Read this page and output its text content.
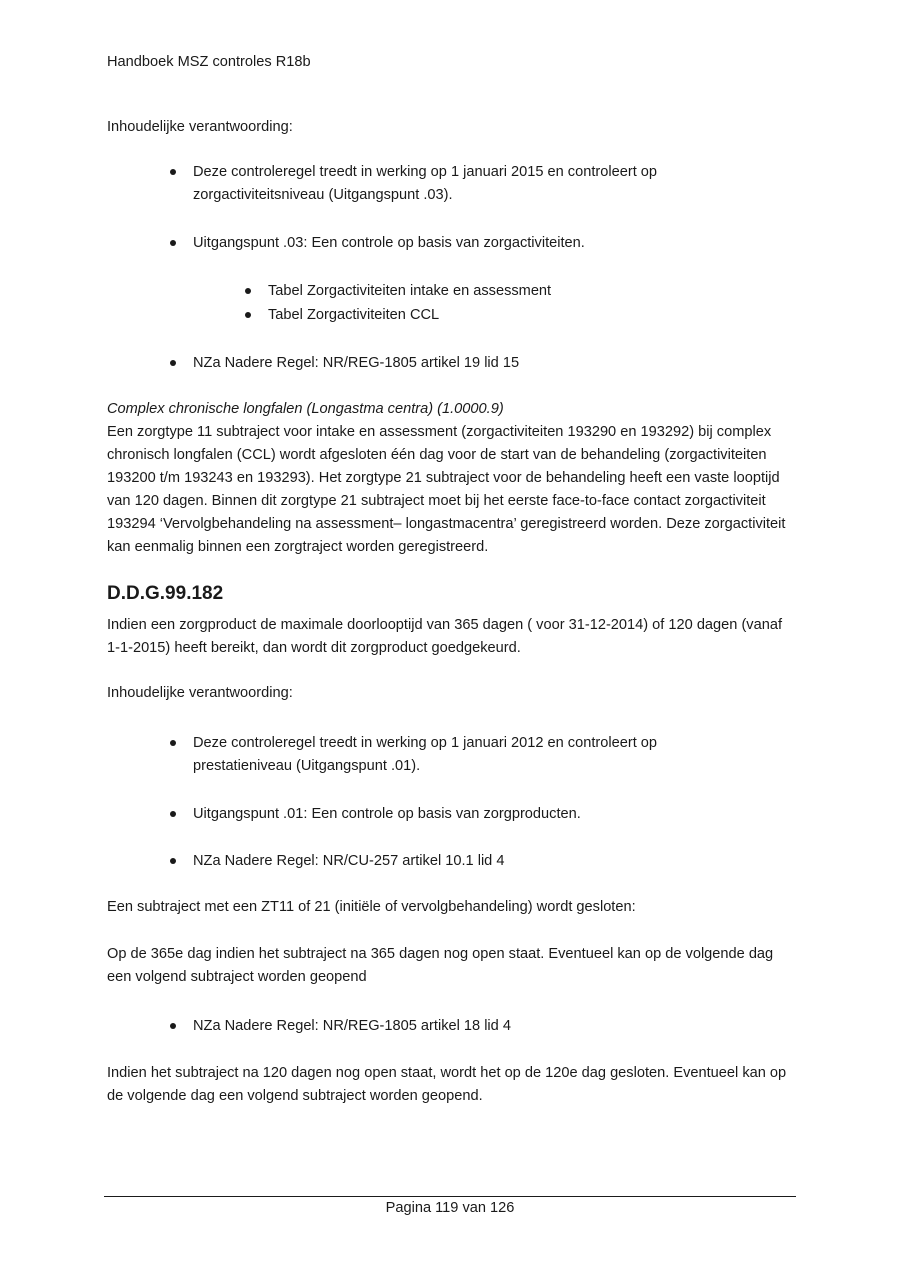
Handboek MSZ controles R18b
Inhoudelijke verantwoording:
Deze controleregel treedt in werking op 1 januari 2015 en controleert op zorgactiviteitsniveau (Uitgangspunt .03).
Uitgangspunt .03: Een controle op basis van zorgactiviteiten.
Tabel Zorgactiviteiten intake en assessment
Tabel Zorgactiviteiten CCL
NZa Nadere Regel: NR/REG-1805 artikel 19 lid 15
Complex chronische longfalen (Longastma centra) (1.0000.9)
Een zorgtype 11 subtraject voor intake en assessment (zorgactiviteiten 193290 en 193292) bij complex chronisch longfalen (CCL) wordt afgesloten één dag voor de start van de behandeling (zorgactiviteiten 193200 t/m 193243 en 193293). Het zorgtype 21 subtraject voor de behandeling heeft een vaste looptijd van 120 dagen. Binnen dit zorgtype 21 subtraject moet bij het eerste face-to-face contact zorgactiviteit 193294 ‘Vervolgbehandeling na assessment– longastmacentra’ geregistreerd worden. Deze zorgactiviteit kan eenmalig binnen een zorgtraject worden geregistreerd.
D.D.G.99.182
Indien een zorgproduct de maximale doorlooptijd van 365 dagen ( voor 31-12-2014) of 120 dagen (vanaf 1-1-2015) heeft bereikt, dan wordt dit zorgproduct goedgekeurd.
Inhoudelijke verantwoording:
Deze controleregel treedt in werking op 1 januari 2012 en controleert op prestatieniveau (Uitgangspunt .01).
Uitgangspunt .01: Een controle op basis van zorgproducten.
NZa Nadere Regel: NR/CU-257 artikel 10.1 lid 4
Een subtraject met een ZT11 of 21 (initiële of vervolgbehandeling) wordt gesloten:
Op de 365e dag indien het subtraject na 365 dagen nog open staat. Eventueel kan op de volgende dag een volgend subtraject worden geopend
NZa Nadere Regel: NR/REG-1805 artikel 18 lid 4
Indien het subtraject na 120 dagen nog open staat, wordt het op de 120e dag gesloten. Eventueel kan op de volgende dag een volgend subtraject worden geopend.
Pagina 119 van 126
